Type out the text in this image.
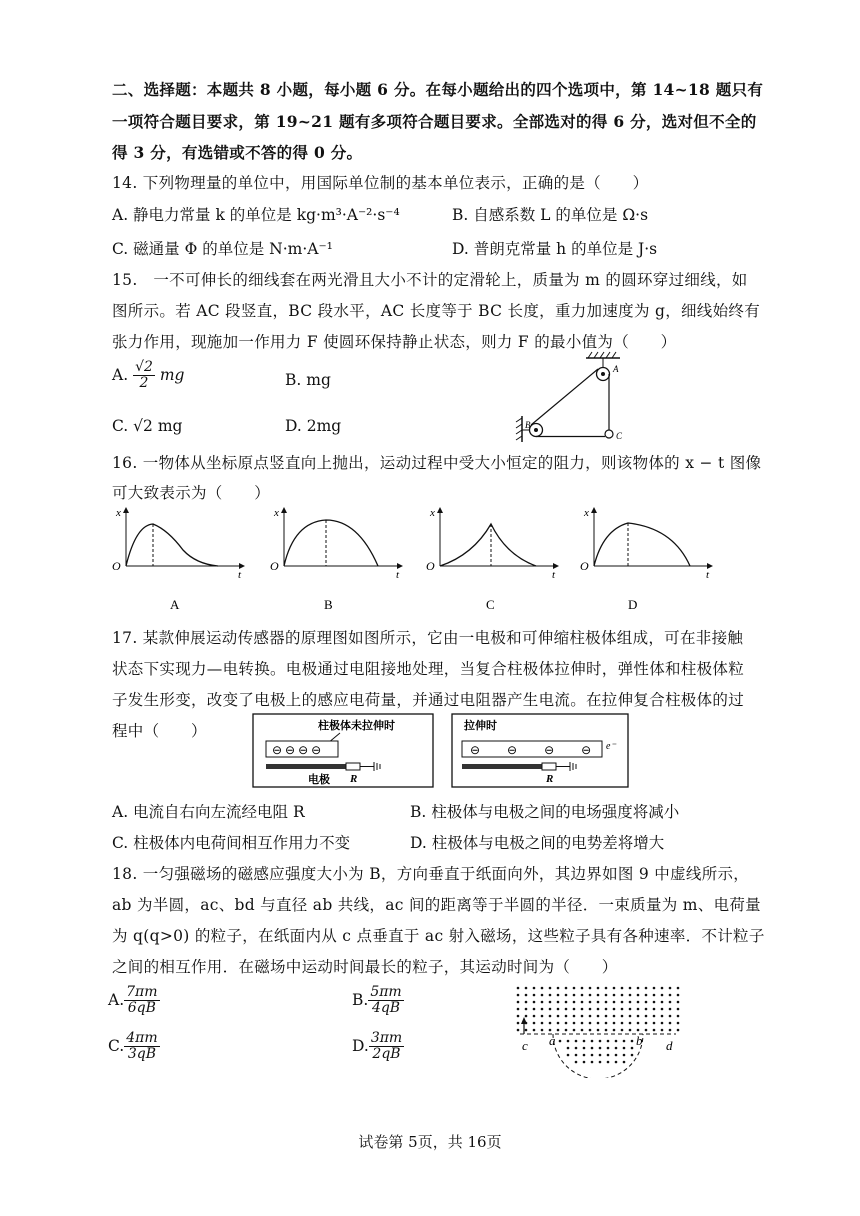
二、选择题：本题共 8 小题，每小题 6 分。在每小题给出的四个选项中，第 14~18 题只有
一项符合题目要求，第 19~21 题有多项符合题目要求。全部选对的得 6 分，选对但不全的
得 3 分，有选错或不答的得 0 分。
14. 下列物理量的单位中，用国际单位制的基本单位表示，正确的是（　　）
A. 静电力常量 k 的单位是 kg·m³·A⁻²·s⁻⁴	B. 自感系数 L 的单位是 Ω·s
C. 磁通量 Φ 的单位是 N·m·A⁻¹	D. 普朗克常量 h 的单位是 J·s
15.　一不可伸长的细线套在两光滑且大小不计的定滑轮上，质量为 m 的圆环穿过细线，如
图所示。若 AC 段竖直，BC 段水平，AC 长度等于 BC 长度，重力加速度为 g，细线始终有
张力作用，现施加一作用力 F 使圆环保持静止状态，则力 F 的最小值为（　　）
A. $\frac{√2}{2}$ mg	B. mg
C. √2 mg	D. 2mg
A
B
C
16. 一物体从坐标原点竖直向上抛出，运动过程中受大小恒定的阻力，则该物体的 x − t 图像
可大致表示为（　　）
x
t
O
x
t
O
x
t
O
x
t
O
A	B	C	D
17. 某款伸展运动传感器的原理图如图所示，它由一电极和可伸缩柱极体组成，可在非接触
状态下实现力—电转换。电极通过电阻接地处理，当复合柱极体拉伸时，弹性体和柱极体粒
子发生形变，改变了电极上的感应电荷量，并通过电阻器产生电流。在拉伸复合柱极体的过
程中（　　）	柱极体未拉伸时
⊖ ⊖ ⊖ ⊖
电极 R
拉伸时
⊖　　 ⊖　　 ⊖　　 ⊖ e⁻
R
A. 电流自右向左流经电阻 R	B. 柱极体与电极之间的电场强度将减小
C. 柱极体内电荷间相互作用力不变	D. 柱极体与电极之间的电势差将增大
18. 一匀强磁场的磁感应强度大小为 B，方向垂直于纸面向外，其边界如图 9 中虚线所示，
ab 为半圆，ac、bd 与直径 ab 共线，ac 间的距离等于半圆的半径．一束质量为 m、电荷量
为 q(q>0) 的粒子，在纸面内从 c 点垂直于 ac 射入磁场，这些粒子具有各种速率．不计粒子
之间的相互作用．在磁场中运动时间最长的粒子，其运动时间为（　　）
A. $\frac{7\pi m}{6qB}$	B. $\frac{5\pi m}{4qB}$
C. $\frac{4\pi m}{3qB}$	D. $\frac{3\pi m}{2qB}$	c a	b d
试卷第 5页，共 16页
